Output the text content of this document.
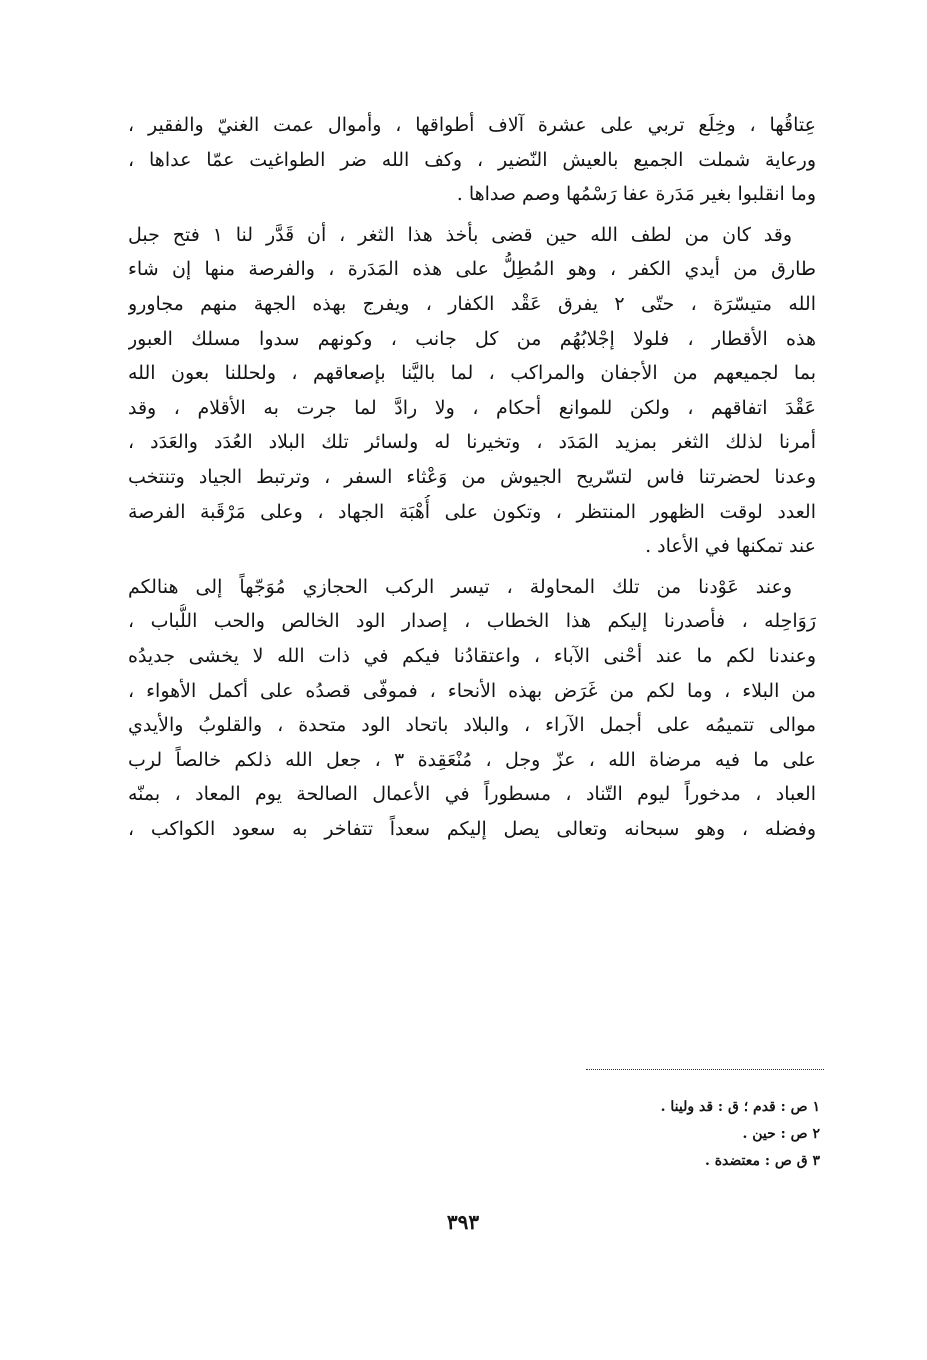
عِتاقُها ، وخِلَع تربي على عشرة آلاف أطواقها ، وأموال عمت الغنيّ والفقير ،
ورعاية شملت الجميع بالعيش النّضير ، وكف الله ضر الطواغيت عمّا عداها ،
وما انقلبوا بغير مَدَرة عفا رَسْمُها وصم صداها .
وقد كان من لطف الله حين قضى بأخذ هذا الثغر ، أن قَدَّر لنا ١ فتح جبل
طارق من أيدي الكفر ، وهو المُطِلُّ على هذه المَدَرة ، والفرصة منها إن شاء
الله متيسّرَة ، حتّى ٢ يفرق عَقْد الكفار ، ويفرج بهذه الجهة منهم مجاورو
هذه الأقطار ، فلولا إجْلابُهُم من كل جانب ، وكونهم سدوا مسلك العبور
بما لجميعهم من الأجفان والمراكب ، لما باليَّنا بإصعاقهم ، ولحللنا بعون الله
عَقْدَ اتفاقهم ، ولكن للموانع أحكام ، ولا رادَّ لما جرت به الأقلام ، وقد
أمرنا لذلك الثغر بمزيد المَدَد ، وتخيرنا له ولسائر تلك البلاد العُدَد والعَدَد ،
وعدنا لحضرتنا فاس لتسّريح الجيوش من وَعْثاء السفر ، وترتبط الجياد وتنتخب
العدد لوقت الظهور المنتظر ، وتكون على أُهْبَة الجهاد ، وعلى مَرْقَبة الفرصة
عند تمكنها في الأعاد .
وعند عَوْدنا من تلك المحاولة ، تيسر الركب الحجازي مُوَجّهاً إلى هنالكم
رَوَاحِله ، فأصدرنا إليكم هذا الخطاب ، إصدار الود الخالص والحب اللُّباب ،
وعندنا لكم ما عند أحْنى الآباء ، واعتقادُنا فيكم في ذات الله لا يخشى جديدُه
من البلاء ، وما لكم من غَرَض بهذه الأنحاء ، فموفّى قصدُه على أكمل الأهواء ،
موالى تتميمُه على أجمل الآراء ، والبلاد باتحاد الود متحدة ، والقلوبُ والأيدي
على ما فيه مرضاة الله ، عزّ وجل ، مُنْعَقِدة ٣ ، جعل الله ذلكم خالصاً لرب
العباد ، مدخوراً ليوم التّناد ، مسطوراً في الأعمال الصالحة يوم المعاد ، بمنّه
وفضله ، وهو سبحانه وتعالى يصل إليكم سعداً تتفاخر به سعود الكواكب ،
١ ص : قدم ؛ ق : قد ولينا .
٢ ص : حين .
٣ ق ص : معتضدة .
٣٩٣
